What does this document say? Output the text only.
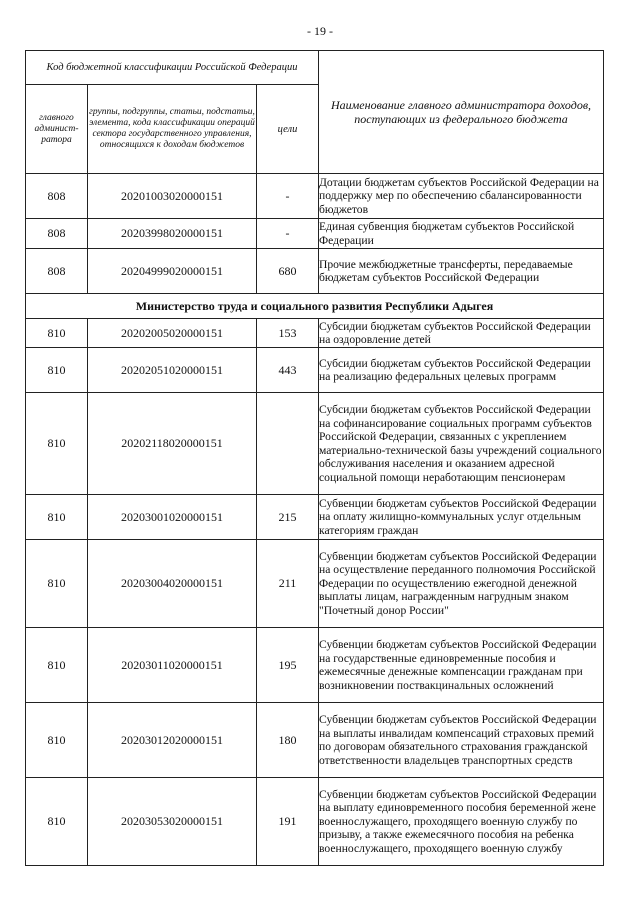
- 19 -
Код бюджетной классификации Российской Федерации			Наименование главного администратора доходов, поступающих из федерального бюджета
главного админист-ратора	группы, подгруппы, статьи, подстатьи, элемента, кода классификации операций сектора государственного управления, относящихся к доходам бюджетов	цели	
808	20201003020000151	-	Дотации бюджетам субъектов Российской Федерации на поддержку мер по обеспечению сбалансированности бюджетов
808	20203998020000151	-	Единая субвенция бюджетам субъектов Российской Федерации
808	20204999020000151	680	Прочие межбюджетные трансферты, передаваемые бюджетам субъектов Российской Федерации
Министерство труда и социального развития Республики Адыгея			
810	20202005020000151	153	Субсидии бюджетам субъектов Российской Федерации на оздоровление детей
810	20202051020000151	443	Субсидии бюджетам субъектов Российской Федерации на реализацию федеральных целевых программ
810	20202118020000151		Субсидии бюджетам субъектов Российской Федерации на софинансирование социальных программ субъектов Российской Федерации, связанных с укреплением материально-технической базы учреждений социального обслуживания населения и оказанием адресной социальной помощи неработающим пенсионерам
810	20203001020000151	215	Субвенции бюджетам субъектов Российской Федерации на оплату жилищно-коммунальных услуг отдельным категориям граждан
810	20203004020000151	211	Субвенции бюджетам субъектов Российской Федерации на осуществление переданного полномочия Российской Федерации по осуществлению ежегодной денежной выплаты лицам, награжденным нагрудным знаком "Почетный донор России"
810	20203011020000151	195	Субвенции бюджетам субъектов Российской Федерации на государственные единовременные пособия и ежемесячные денежные компенсации гражданам при возникновении поствакцинальных осложнений
810	20203012020000151	180	Субвенции бюджетам субъектов Российской Федерации на выплаты инвалидам компенсаций страховых премий по договорам обязательного страхования гражданской ответственности владельцев транспортных средств
810	20203053020000151	191	Субвенции бюджетам субъектов Российской Федерации на выплату единовременного пособия беременной жене военнослужащего, проходящего военную службу по призыву, а также ежемесячного пособия на ребенка военнослужащего, проходящего военную службу
